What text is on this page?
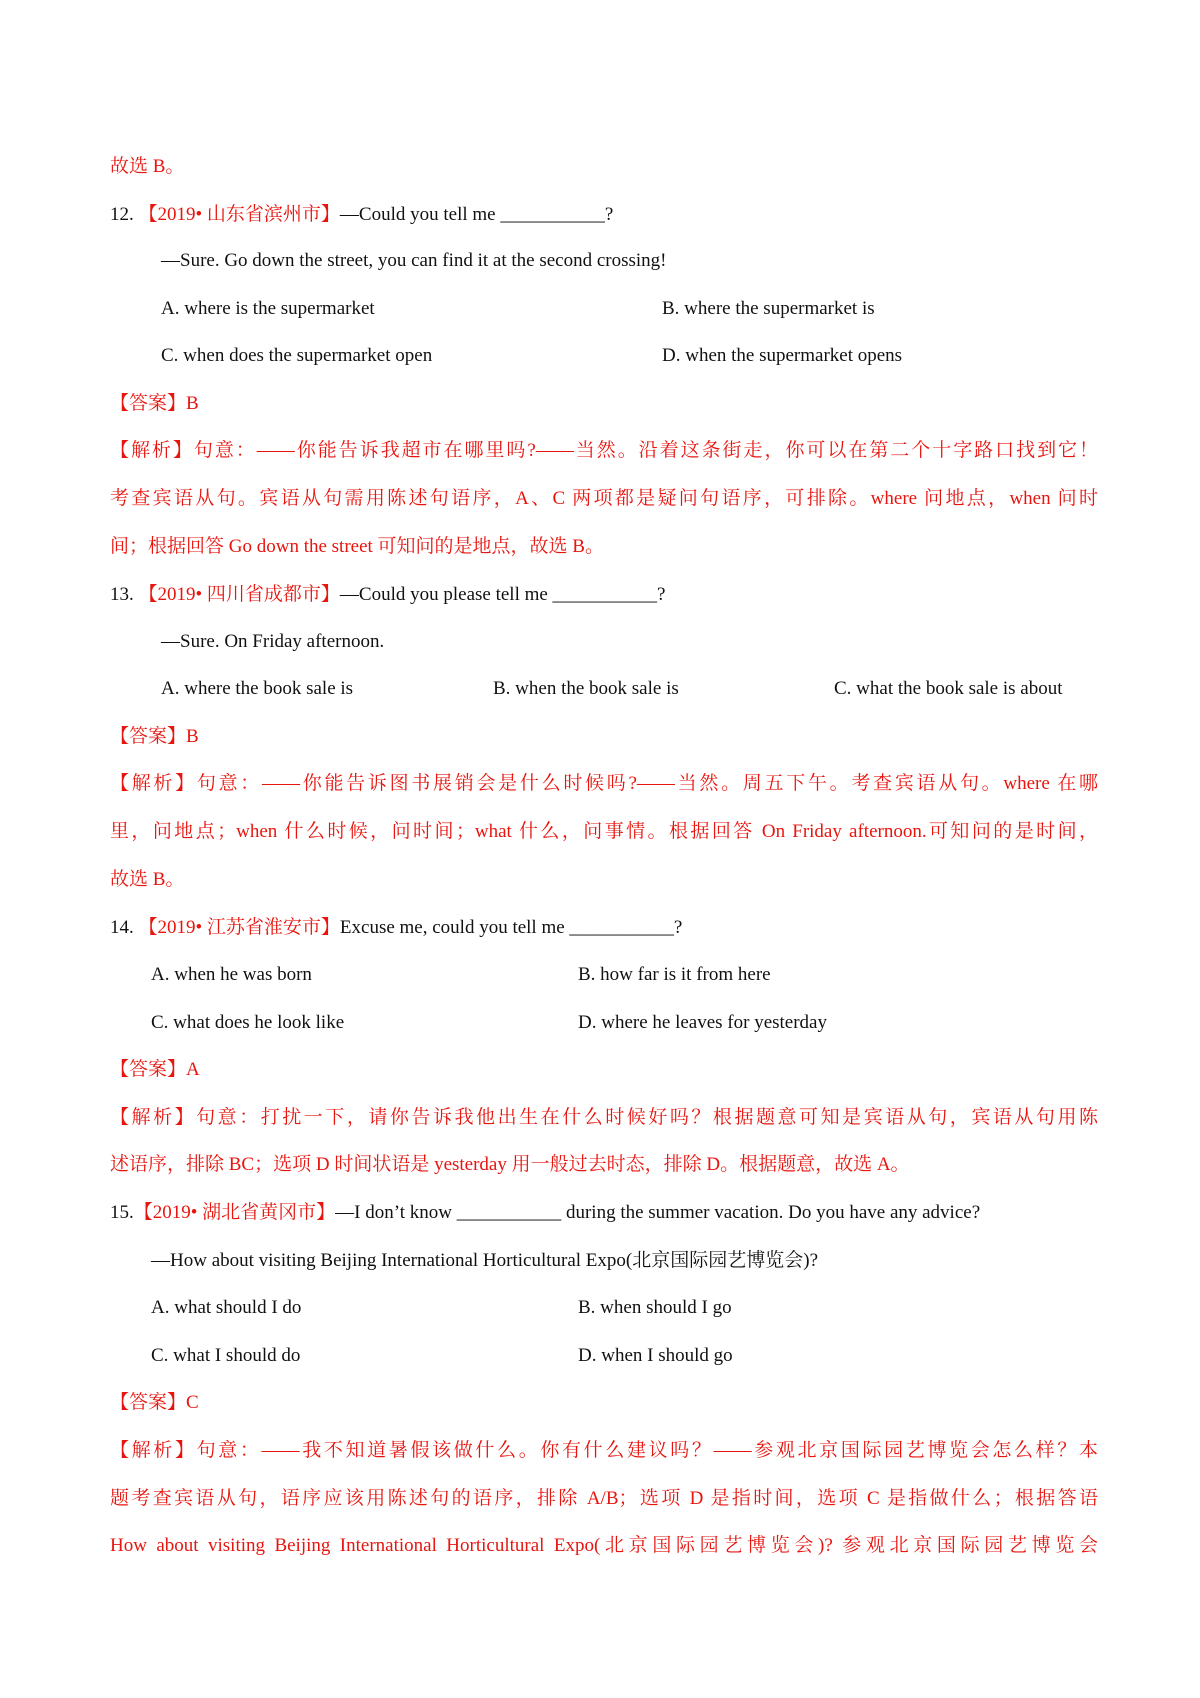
故选 B。
12. 【2019• 山东省滨州市】—Could you tell me ___________?
—Sure. Go down the street, you can find it at the second crossing!
A. where is the supermarket	B. where the supermarket is
C. when does the supermarket open	D. when the supermarket opens
【答案】B
【解析】句意：——你能告诉我超市在哪里吗?——当然。沿着这条街走，你可以在第二个十字路口找到它！
考查宾语从句。宾语从句需用陈述句语序，A、C 两项都是疑问句语序，可排除。where 问地点，when 问时
间；根据回答 Go down the street 可知问的是地点，故选 B。
13. 【2019• 四川省成都市】—Could you please tell me ___________?
—Sure. On Friday afternoon.
A. where the book sale is	B. when the book sale is	C. what the book sale is about
【答案】B
【解析】句意：——你能告诉图书展销会是什么时候吗?——当然。周五下午。考查宾语从句。where 在哪
里，问地点；when 什么时候，问时间；what 什么，问事情。根据回答 On Friday afternoon.可知问的是时间，
故选 B。
14. 【2019• 江苏省淮安市】Excuse me, could you tell me ___________?
A. when he was born	B. how far is it from here
C. what does he look like	D. where he leaves for yesterday
【答案】A
【解析】句意：打扰一下，请你告诉我他出生在什么时候好吗？根据题意可知是宾语从句，宾语从句用陈
述语序，排除 BC；选项 D 时间状语是 yesterday 用一般过去时态，排除 D。根据题意，故选 A。
15.【2019• 湖北省黄冈市】—I don’t know ___________ during the summer vacation. Do you have any advice?
—How about visiting Beijing International Horticultural Expo(北京国际园艺博览会)?
A. what should I do	B. when should I go
C. what I should do	D. when I should go
【答案】C
【解析】句意：——我不知道暑假该做什么。你有什么建议吗？——参观北京国际园艺博览会怎么样？本
题考查宾语从句，语序应该用陈述句的语序，排除 A/B；选项 D 是指时间，选项 C 是指做什么；根据答语
How about visiting Beijing International Horticultural Expo(北京国际园艺博览会)? 参观北京国际园艺博览会
